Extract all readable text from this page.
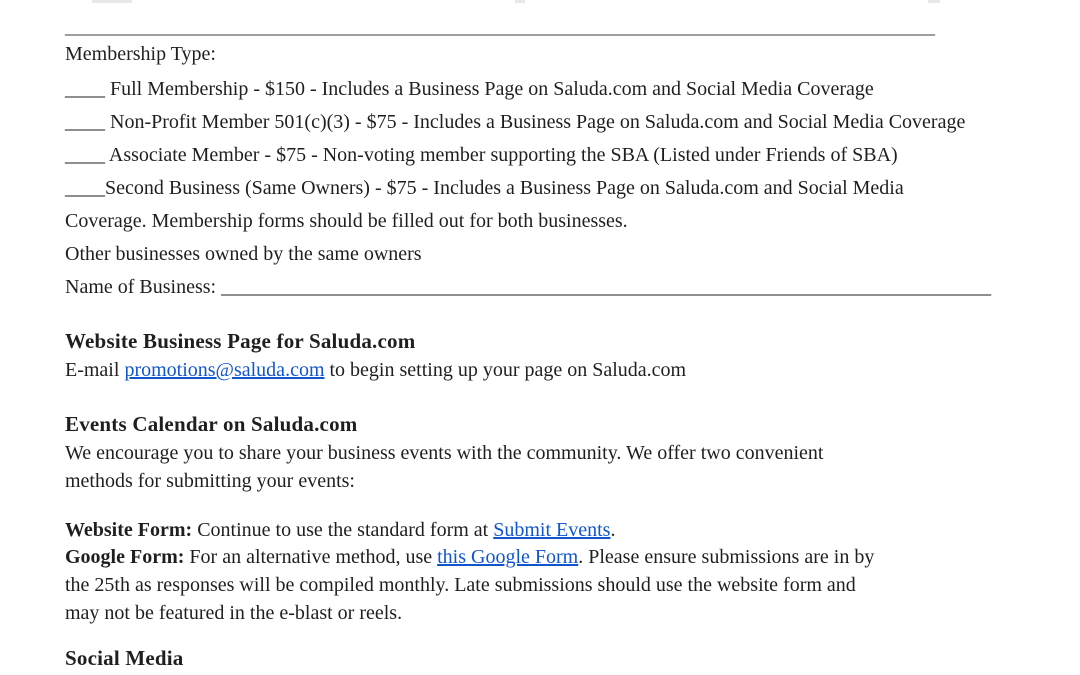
_______________________________________________________________________________________
Membership Type:
____ Full Membership - $150 - Includes a Business Page on Saluda.com and Social Media Coverage
____ Non-Profit Member 501(c)(3) - $75 - Includes a Business Page on Saluda.com and Social Media Coverage
____ Associate Member - $75 - Non-voting member supporting the SBA (Listed under Friends of SBA)
____Second Business (Same Owners) - $75 - Includes a Business Page on Saluda.com and Social Media
Coverage. Membership forms should be filled out for both businesses.
Other businesses owned by the same owners
Name of Business: _____________________________________________________________________________
Website Business Page for Saluda.com
E-mail promotions@saluda.com to begin setting up your page on Saluda.com
Events Calendar on Saluda.com
We encourage you to share your business events with the community. We offer two convenient
methods for submitting your events:
Website Form: Continue to use the standard form at Submit Events.
Google Form: For an alternative method, use this Google Form. Please ensure submissions are in by
the 25th as responses will be compiled monthly. Late submissions should use the website form and
may not be featured in the e-blast or reels.
Social Media
